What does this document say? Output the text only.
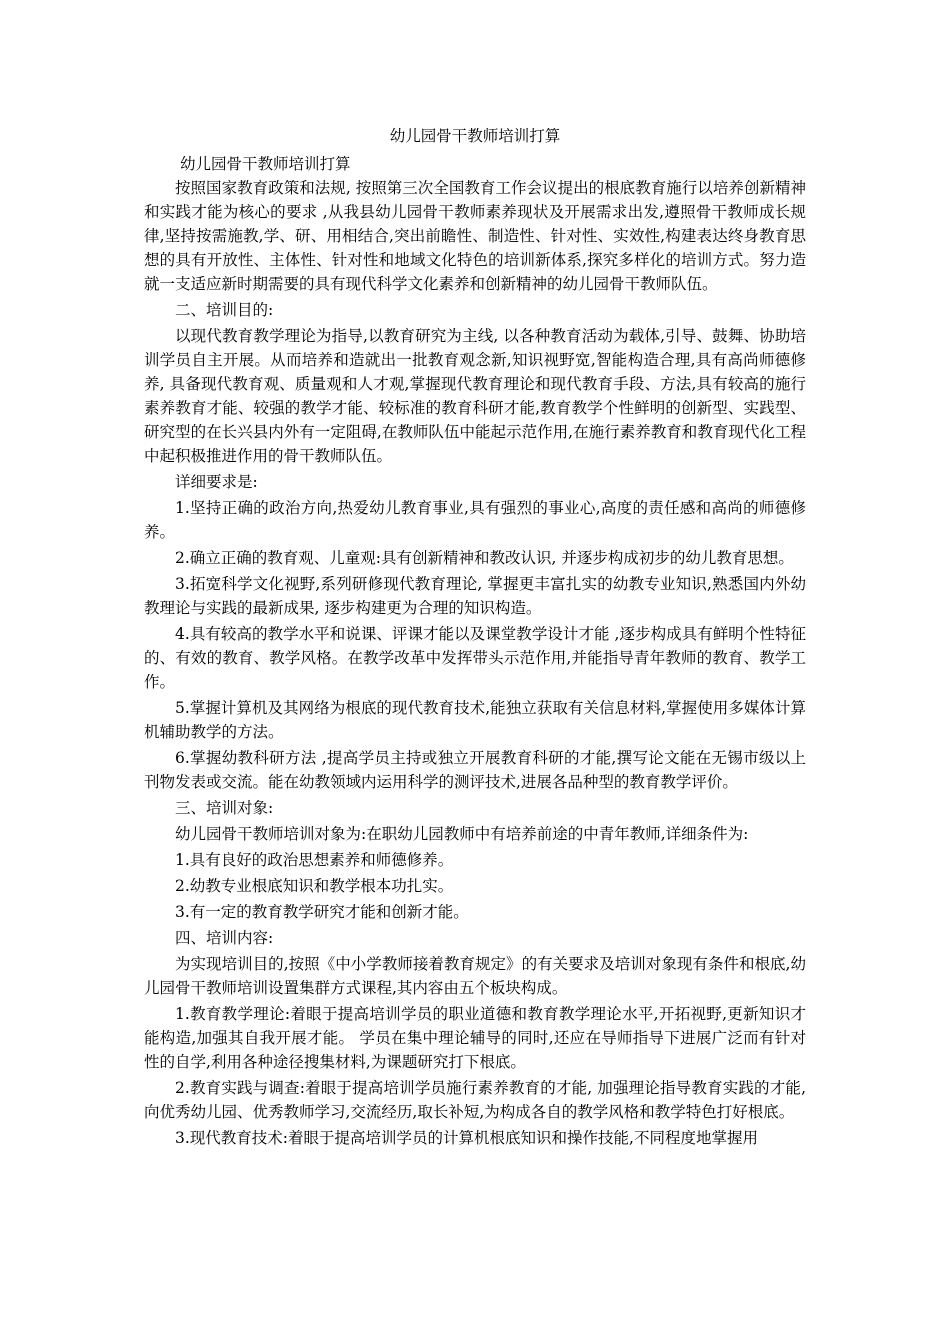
幼儿园骨干教师培训打算
幼儿园骨干教师培训打算

按照国家教育政策和法规, 按照第三次全国教育工作会议提出的根底教育施行以培养创新精神和实践才能为核心的要求 ,从我县幼儿园骨干教师素养现状及开展需求出发,遵照骨干教师成长规律,坚持按需施教,学、研、用相结合,突出前瞻性、制造性、针对性、实效性,构建表达终身教育思想的具有开放性、主体性、针对性和地域文化特色的培训新体系,探究多样化的培训方式。努力造就一支适应新时期需要的具有现代科学文化素养和创新精神的幼儿园骨干教师队伍。

二、培训目的:

以现代教育教学理论为指导,以教育研究为主线, 以各种教育活动为载体,引导、鼓舞、协助培训学员自主开展。从而培养和造就出一批教育观念新,知识视野宽,智能构造合理,具有高尚师德修养, 具备现代教育观、质量观和人才观,掌握现代教育理论和现代教育手段、方法,具有较高的施行素养教育才能、较强的教学才能、较标准的教育科研才能,教育教学个性鲜明的创新型、实践型、研究型的在长兴县内外有一定阻碍,在教师队伍中能起示范作用,在施行素养教育和教育现代化工程中起积极推进作用的骨干教师队伍。

详细要求是:

1.坚持正确的政治方向,热爱幼儿教育事业,具有强烈的事业心,高度的责任感和高尚的师德修养。

2.确立正确的教育观、儿童观:具有创新精神和教改认识, 并逐步构成初步的幼儿教育思想。

3.拓宽科学文化视野,系列研修现代教育理论, 掌握更丰富扎实的幼教专业知识,熟悉国内外幼教理论与实践的最新成果, 逐步构建更为合理的知识构造。

4.具有较高的教学水平和说课、评课才能以及课堂教学设计才能 ,逐步构成具有鲜明个性特征的、有效的教育、教学风格。在教学改革中发挥带头示范作用,并能指导青年教师的教育、教学工作。

5.掌握计算机及其网络为根底的现代教育技术,能独立获取有关信息材料,掌握使用多媒体计算机辅助教学的方法。

6.掌握幼教科研方法 ,提高学员主持或独立开展教育科研的才能,撰写论文能在无锡市级以上刊物发表或交流。能在幼教领域内运用科学的测评技术,进展各品种型的教育教学评价。

三、培训对象:

幼儿园骨干教师培训对象为:在职幼儿园教师中有培养前途的中青年教师,详细条件为:

1.具有良好的政治思想素养和师德修养。

2.幼教专业根底知识和教学根本功扎实。

3.有一定的教育教学研究才能和创新才能。

四、培训内容:

为实现培训目的,按照《中小学教师接着教育规定》的有关要求及培训对象现有条件和根底,幼儿园骨干教师培训设置集群方式课程,其内容由五个板块构成。

1.教育教学理论:着眼于提高培训学员的职业道德和教育教学理论水平,开拓视野,更新知识才能构造,加强其自我开展才能。 学员在集中理论辅导的同时,还应在导师指导下进展广泛而有针对性的自学,利用各种途径搜集材料,为课题研究打下根底。

2.教育实践与调查:着眼于提高培训学员施行素养教育的才能, 加强理论指导教育实践的才能,向优秀幼儿园、优秀教师学习,交流经历,取长补短,为构成各自的教学风格和教学特色打好根底。

3.现代教育技术:着眼于提高培训学员的计算机根底知识和操作技能,不同程度地掌握用
